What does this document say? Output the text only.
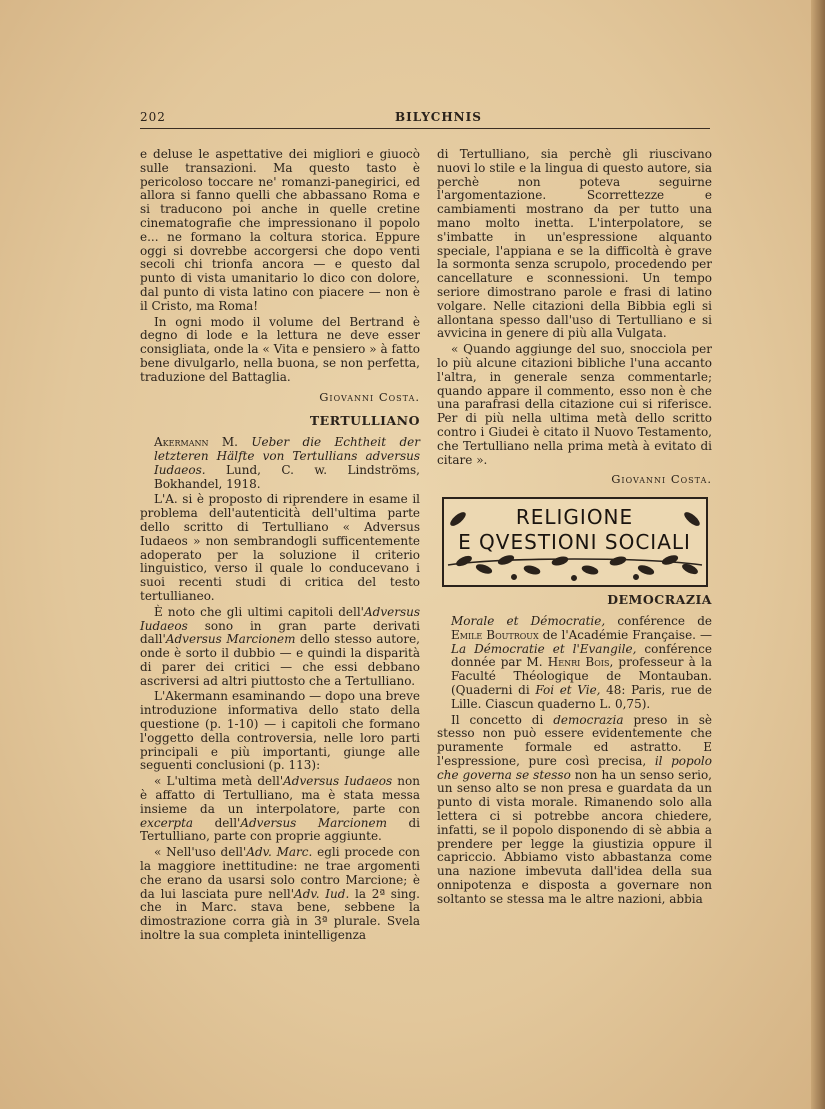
202	BILYCHNIS

e deluse le aspettative dei migliori e giuocò sulle transazioni. Ma questo tasto è pericoloso toccare ne' romanzi-panegirici, ed allora si fanno quelli che abbassano Roma e si traducono poi anche in quelle cretine cinematografie che impressionano il popolo e... ne formano la coltura storica. Eppure oggi si dovrebbe accorgersi che dopo venti secoli chi trionfa ancora — e questo dal punto di vista umanitario lo dico con dolore, dal punto di vista latino con piacere — non è il Cristo, ma Roma!

In ogni modo il volume del Bertrand è degno di lode e la lettura ne deve esser consigliata, onde la « Vita e pensiero » à fatto bene divulgarlo, nella buona, se non perfetta, traduzione del Battaglia.

Giovanni Costa.
TERTULLIANO

Akermann M. Ueber die Echtheit der letzteren Hälfte von Tertullians adversus Iudaeos. Lund, C. w. Lindströms, Bokhandel, 1918.

L'A. si è proposto di riprendere in esame il problema dell'autenticità dell'ultima parte dello scritto di Tertulliano « Adversus Iudaeos » non sembrandogli sufficentemente adoperato per la soluzione il criterio linguistico, verso il quale lo conducevano i suoi recenti studi di critica del testo tertullianeo.

È noto che gli ultimi capitoli dell'Adversus Iudaeos sono in gran parte derivati dall'Adversus Marcionem dello stesso autore, onde è sorto il dubbio — e quindi la disparità di parer dei critici — che essi debbano ascriversi ad altri piuttosto che a Tertulliano.

L'Akermann esaminando — dopo una breve introduzione informativa dello stato della questione (p. 1-10) — i capitoli che formano l'oggetto della controversia, nelle loro parti principali e più importanti, giunge alle seguenti conclusioni (p. 113):

« L'ultima metà dell'Adversus Iudaeos non è affatto di Tertulliano, ma è stata messa insieme da un interpolatore, parte con excerpta dell'Adversus Marcionem di Tertulliano, parte con proprie aggiunte.

« Nell'uso dell'Adv. Marc. egli procede con la maggiore inettitudine: ne trae argomenti che erano da usarsi solo contro Marcione; è da lui lasciata pure nell'Adv. Iud. la 2ª sing. che in Marc. stava bene, sebbene la dimostrazione corra già in 3ª plurale. Svela inoltre la sua completa inintelligenza

di Tertulliano, sia perchè gli riuscivano nuovi lo stile e la lingua di questo autore, sia perchè non poteva seguirne l'argomentazione. Scorrettezze e cambiamenti mostrano da per tutto una mano molto inetta. L'interpolatore, se s'imbatte in un'espressione alquanto speciale, l'appiana e se la difficoltà è grave la sormonta senza scrupolo, procedendo per cancellature e sconnessioni. Un tempo seriore dimostrano parole e frasi di latino volgare. Nelle citazioni della Bibbia egli si allontana spesso dall'uso di Tertulliano e si avvicina in genere di più alla Vulgata.

« Quando aggiunge del suo, snocciola per lo più alcune citazioni bibliche l'una accanto l'altra, in generale senza commentarle; quando appare il commento, esso non è che una parafrasi della citazione cui si riferisce. Per di più nella ultima metà dello scritto contro i Giudei è citato il Nuovo Testamento, che Tertulliano nella prima metà à evitato di citare ».

Giovanni Costa.
RELIGIONE
E QVESTIONI SOCIALI
DEMOCRAZIA

Morale et Démocratie, conférence de Emile Boutroux de l'Académie Française. — La Démocratie et l'Evangile, conférence donnée par M. Henri Bois, professeur à la Faculté Théologique de Montauban. (Quaderni di Foi et Vie, 48: Paris, rue de Lille. Ciascun quaderno L. 0,75).

Il concetto di democrazia preso in sè stesso non può essere evidentemente che puramente formale ed astratto. E l'espressione, pure così precisa, il popolo che governa se stesso non ha un senso serio, un senso alto se non presa e guardata da un punto di vista morale. Rimanendo solo alla lettera ci si potrebbe ancora chiedere, infatti, se il popolo disponendo di sè abbia a prendere per legge la giustizia oppure il capriccio. Abbiamo visto abbastanza come una nazione imbevuta dall'idea della sua onnipotenza e disposta a governare non soltanto se stessa ma le altre nazioni, abbia
